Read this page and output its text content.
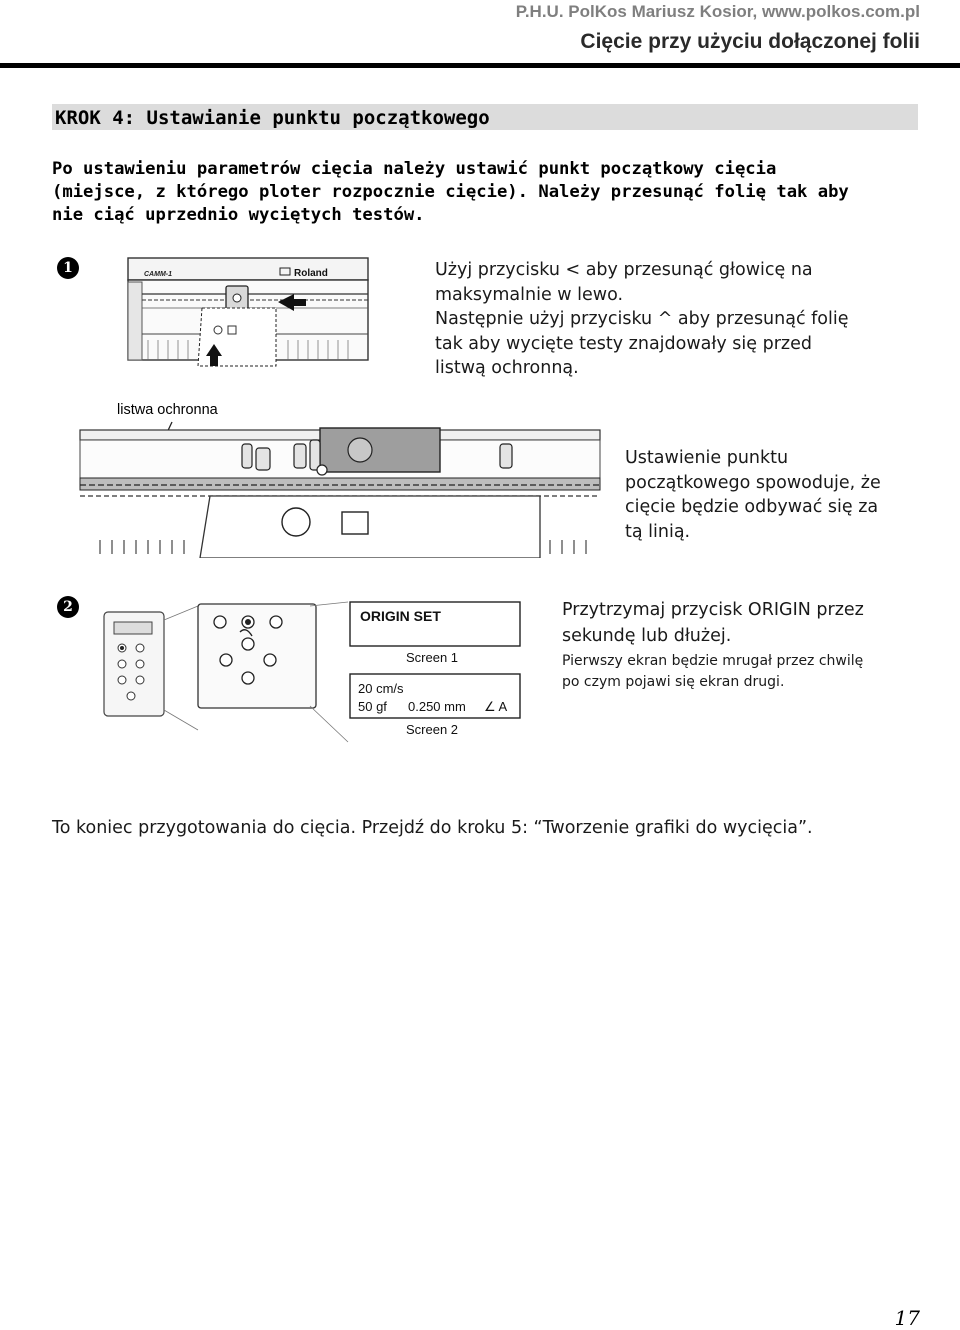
P.H.U. PolKos Mariusz Kosior, www.polkos.com.pl
Cięcie przy użyciu dołączonej folii
KROK 4: Ustawianie punktu początkowego
Po ustawieniu parametrów cięcia należy ustawić punkt początkowy cięcia
(miejsce, z którego ploter rozpocznie cięcie). Należy przesunąć folię tak aby
nie ciąć uprzednio wyciętych testów.
1	CAMM-1	Roland	Użyj przycisku < aby przesunąć głowicę na
maksymalnie w lewo.
Następnie użyj przycisku ^ aby przesunąć folię
tak aby wycięte testy znajdowały się przed
listwą ochronną.
listwa ochronna
Ustawienie punktu
początkowego spowoduje, że
cięcie będzie odbywać się za
tą linią.
2
ORIGIN SET
Screen 1
20 cm/s
50 gf 0.250 mm ∠ A
Screen 2
Przytrzymaj przycisk ORIGIN przez
sekundę lub dłużej.
Pierwszy ekran będzie mrugał przez chwilę
po czym pojawi się ekran drugi.
To koniec przygotowania do cięcia. Przejdź do kroku 5: “Tworzenie grafiki do wycięcia”.
17
